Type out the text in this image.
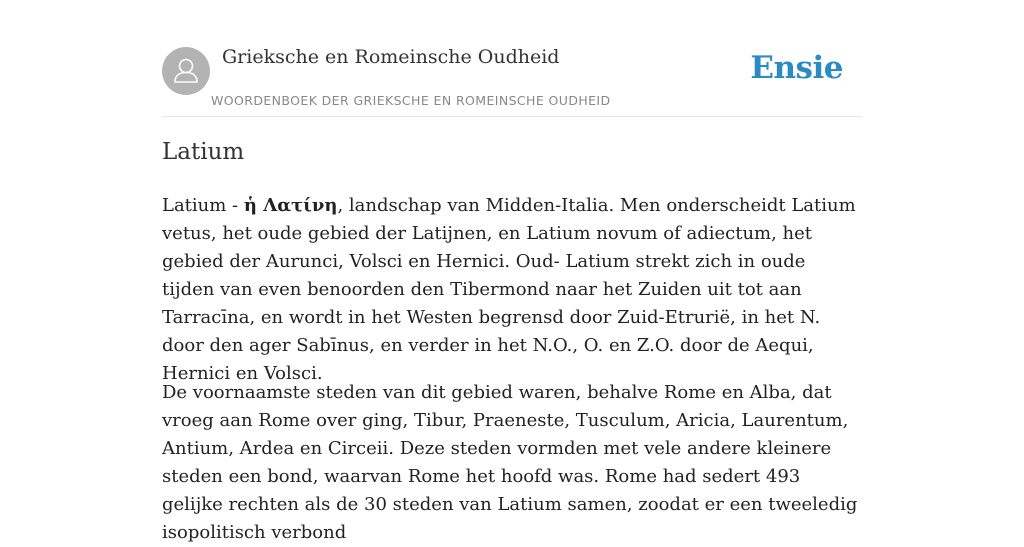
Grieksche en Romeinsche Oudheid
WOORDENBOEK DER GRIEKSCHE EN ROMEINSCHE OUDHEID
Ensie
Latium

Latium - ἡ Λατίνη, landschap van Midden-Italia. Men onderscheidt Latium vetus, het oude gebied der Latijnen, en Latium novum of adiectum, het gebied der Aurunci, Volsci en Hernici. Oud- Latium strekt zich in oude tijden van even benoorden den Tibermond naar het Zuiden uit tot aan Tarracīna, en wordt in het Westen begrensd door Zuid-Etrurië, in het N. door den ager Sabīnus, en verder in het N.O., O. en Z.O. door de Aequi, Hernici en Volsci.

De voornaamste steden van dit gebied waren, behalve Rome en Alba, dat vroeg aan Rome over ging, Tibur, Praeneste, Tusculum, Aricia, Laurentum, Antium, Ardea en Circeii. Deze steden vormden met vele andere kleinere steden een bond, waarvan Rome het hoofd was. Rome had sedert 493 gelijke rechten als de 30 steden van Latium samen, zoodat er een tweeledig isopolitisch verbond
